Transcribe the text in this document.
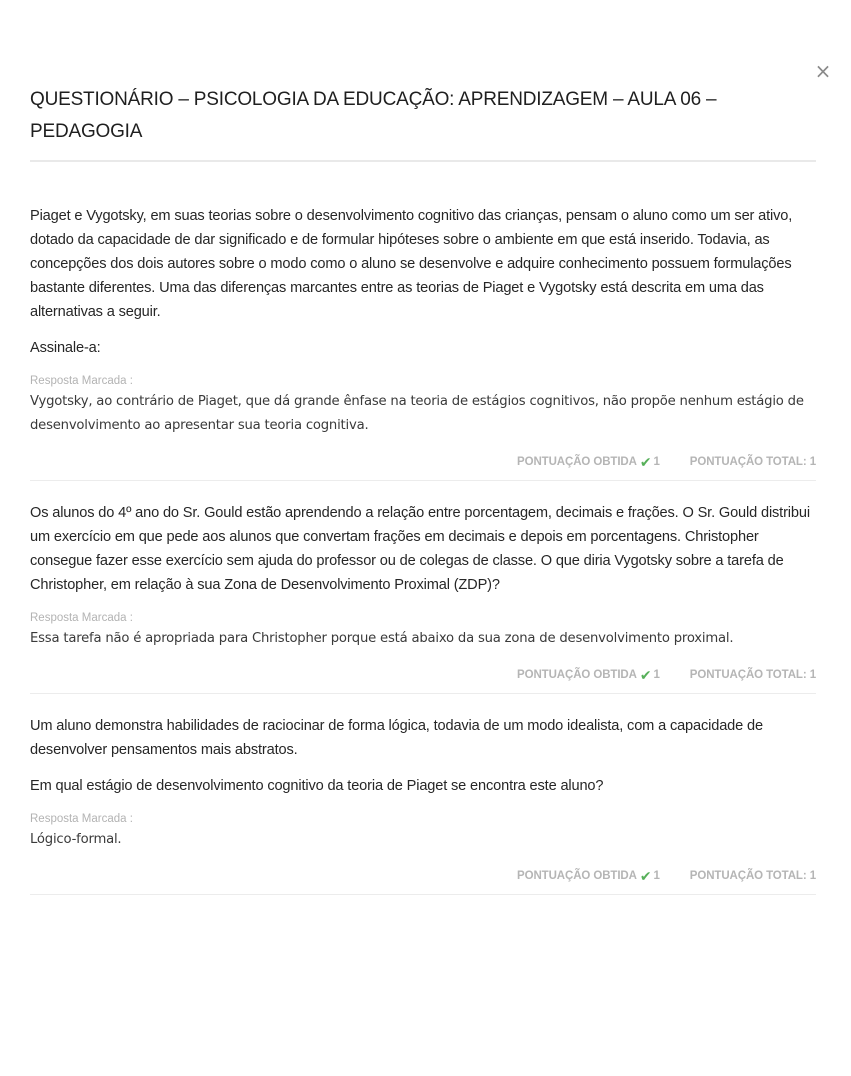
×
QUESTIONÁRIO – PSICOLOGIA DA EDUCAÇÃO: APRENDIZAGEM – AULA 06 – PEDAGOGIA

Piaget e Vygotsky, em suas teorias sobre o desenvolvimento cognitivo das crianças, pensam o aluno como um ser ativo, dotado da capacidade de dar significado e de formular hipóteses sobre o ambiente em que está inserido. Todavia, as concepções dos dois autores sobre o modo como o aluno se desenvolve e adquire conhecimento possuem formulações bastante diferentes. Uma das diferenças marcantes entre as teorias de Piaget e Vygotsky está descrita em uma das alternativas a seguir.

Assinale-a:

Resposta Marcada :
Vygotsky, ao contrário de Piaget, que dá grande ênfase na teoria de estágios cognitivos, não propõe nenhum estágio de desenvolvimento ao apresentar sua teoria cognitiva.
PONTUAÇÃO OBTIDA ✔ 1	PONTUAÇÃO TOTAL: 1

Os alunos do 4º ano do Sr. Gould estão aprendendo a relação entre porcentagem, decimais e frações. O Sr. Gould distribui um exercício em que pede aos alunos que convertam frações em decimais e depois em porcentagens. Christopher consegue fazer esse exercício sem ajuda do professor ou de colegas de classe. O que diria Vygotsky sobre a tarefa de Christopher, em relação à sua Zona de Desenvolvimento Proximal (ZDP)?

Resposta Marcada :
Essa tarefa não é apropriada para Christopher porque está abaixo da sua zona de desenvolvimento proximal.
PONTUAÇÃO OBTIDA ✔ 1	PONTUAÇÃO TOTAL: 1

Um aluno demonstra habilidades de raciocinar de forma lógica, todavia de um modo idealista, com a capacidade de desenvolver pensamentos mais abstratos.

Em qual estágio de desenvolvimento cognitivo da teoria de Piaget se encontra este aluno?

Resposta Marcada :
Lógico-formal.
PONTUAÇÃO OBTIDA ✔ 1	PONTUAÇÃO TOTAL: 1
